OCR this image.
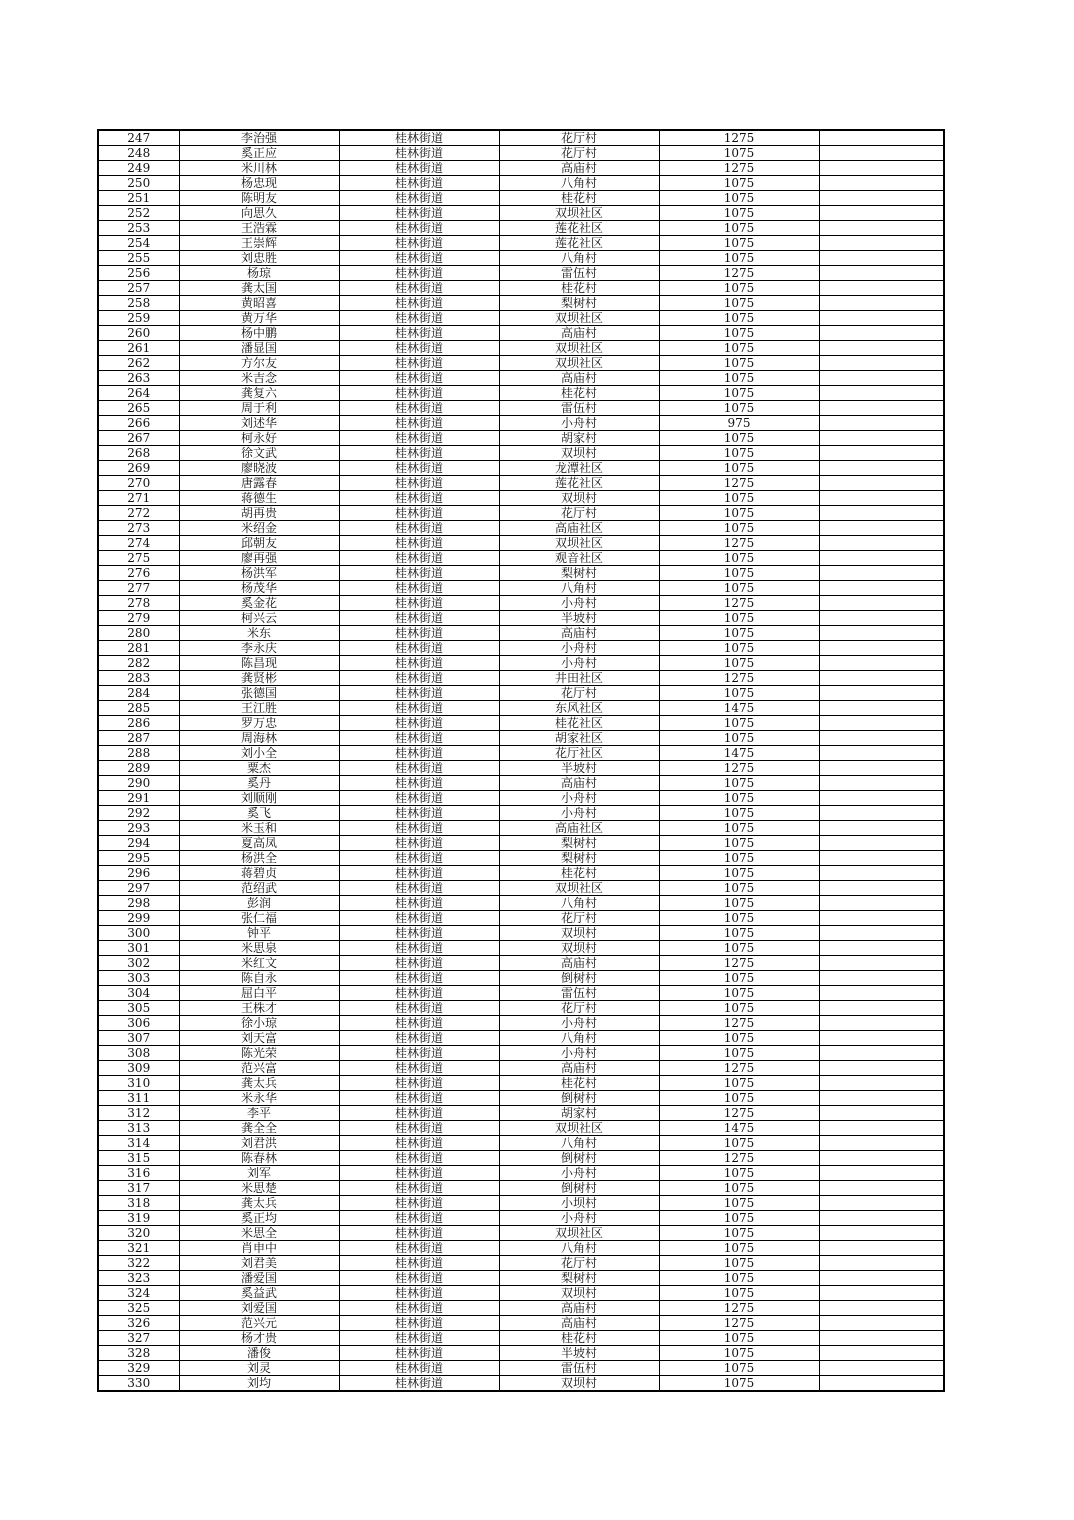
247	李治强	桂林街道	花厅村	1275	
248	奚正应	桂林街道	花厅村	1075	
249	米川林	桂林街道	高庙村	1275	
250	杨忠现	桂林街道	八角村	1075	
251	陈明友	桂林街道	桂花村	1075	
252	向思久	桂林街道	双坝社区	1075	
253	王浩霖	桂林街道	莲花社区	1075	
254	王崇辉	桂林街道	莲花社区	1075	
255	刘忠胜	桂林街道	八角村	1075	
256	杨琼	桂林街道	雷伍村	1275	
257	龚太国	桂林街道	桂花村	1075	
258	黄昭喜	桂林街道	梨树村	1075	
259	黄万华	桂林街道	双坝社区	1075	
260	杨中鹏	桂林街道	高庙村	1075	
261	潘显国	桂林街道	双坝社区	1075	
262	方尔友	桂林街道	双坝社区	1075	
263	米吉念	桂林街道	高庙村	1075	
264	龚复六	桂林街道	桂花村	1075	
265	周于利	桂林街道	雷伍村	1075	
266	刘述华	桂林街道	小舟村	975	
267	柯永好	桂林街道	胡家村	1075	
268	徐文武	桂林街道	双坝村	1075	
269	廖晓波	桂林街道	龙潭社区	1075	
270	唐露春	桂林街道	莲花社区	1275	
271	蒋德生	桂林街道	双坝村	1075	
272	胡再贵	桂林街道	花厅村	1075	
273	米绍金	桂林街道	高庙社区	1075	
274	邱朝友	桂林街道	双坝社区	1275	
275	廖再强	桂林街道	观音社区	1075	
276	杨洪军	桂林街道	梨树村	1075	
277	杨茂华	桂林街道	八角村	1075	
278	奚金花	桂林街道	小舟村	1275	
279	柯兴云	桂林街道	半坡村	1075	
280	米东	桂林街道	高庙村	1075	
281	李永庆	桂林街道	小舟村	1075	
282	陈昌现	桂林街道	小舟村	1075	
283	龚贤彬	桂林街道	井田社区	1275	
284	张德国	桂林街道	花厅村	1075	
285	王江胜	桂林街道	东风社区	1475	
286	罗万忠	桂林街道	桂花社区	1075	
287	周海林	桂林街道	胡家社区	1075	
288	刘小全	桂林街道	花厅社区	1475	
289	粟杰	桂林街道	半坡村	1275	
290	奚丹	桂林街道	高庙村	1075	
291	刘顺刚	桂林街道	小舟村	1075	
292	奚飞	桂林街道	小舟村	1075	
293	米玉和	桂林街道	高庙社区	1075	
294	夏高凤	桂林街道	梨树村	1075	
295	杨洪全	桂林街道	梨树村	1075	
296	蒋碧贞	桂林街道	桂花村	1075	
297	范绍武	桂林街道	双坝社区	1075	
298	彭润	桂林街道	八角村	1075	
299	张仁福	桂林街道	花厅村	1075	
300	钟平	桂林街道	双坝村	1075	
301	米思泉	桂林街道	双坝村	1075	
302	米红文	桂林街道	高庙村	1275	
303	陈自永	桂林街道	倒树村	1075	
304	屈白平	桂林街道	雷伍村	1075	
305	王株才	桂林街道	花厅村	1075	
306	徐小琼	桂林街道	小舟村	1275	
307	刘天富	桂林街道	八角村	1075	
308	陈光荣	桂林街道	小舟村	1075	
309	范兴富	桂林街道	高庙村	1275	
310	龚太兵	桂林街道	桂花村	1075	
311	米永华	桂林街道	倒树村	1075	
312	李平	桂林街道	胡家村	1275	
313	龚全全	桂林街道	双坝社区	1475	
314	刘君洪	桂林街道	八角村	1075	
315	陈春林	桂林街道	倒树村	1275	
316	刘军	桂林街道	小舟村	1075	
317	米思楚	桂林街道	倒树村	1075	
318	龚太兵	桂林街道	小坝村	1075	
319	奚正均	桂林街道	小舟村	1075	
320	米思全	桂林街道	双坝社区	1075	
321	肖申中	桂林街道	八角村	1075	
322	刘君美	桂林街道	花厅村	1075	
323	潘爱国	桂林街道	梨树村	1075	
324	奚益武	桂林街道	双坝村	1075	
325	刘爱国	桂林街道	高庙村	1275	
326	范兴元	桂林街道	高庙村	1275	
327	杨才贵	桂林街道	桂花村	1075	
328	潘俊	桂林街道	半坡村	1075	
329	刘灵	桂林街道	雷伍村	1075	
330	刘均	桂林街道	双坝村	1075	
